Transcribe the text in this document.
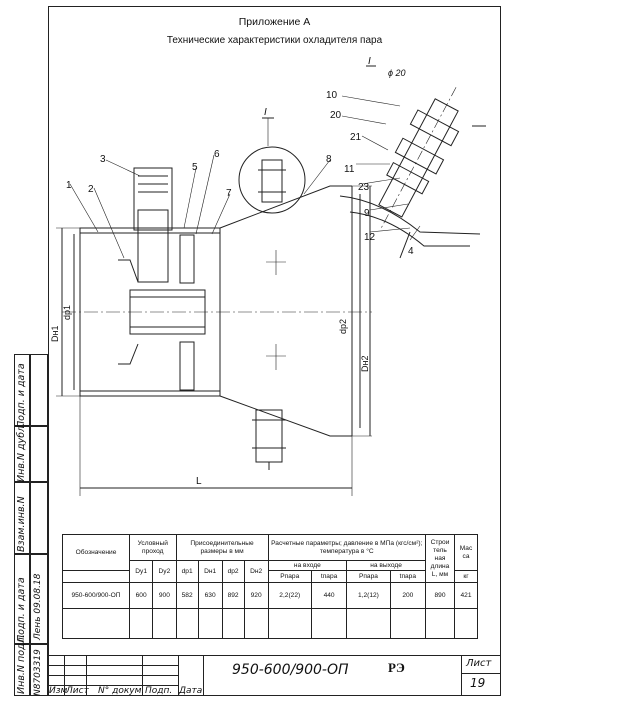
Приложение А
Технические характеристики охладителя пара
1 2
3
5
6
7
8
9
10
11
12
20
21
23
4
I
I
ϕ 20
L
Dн1
dр1
dр2
Dн2
Подп. и дата
Инв.N дубл.
Взам.инв.N
Подп. и дата
Инв.N подл.
Лень 09.08.18
N8703319
Обозначение	Условный проход		Присоединительные размеры в мм				Расчетные параметры; давление в МПа (кгс/см²); температура в °С				Строи тель ная длина L, мм	Мас са
	Dу1	Dу2	dр1	Dн1	dр2	Dн2	на входе		на выходе			
							Pпара	tпара	Pпара	tпара		кг
950-600/900-ОП	600	900	582	630	892	920	2,2(22)	440	1,2(12)	200	890	421

950-600/900-ОП	РЭ	Лист
19
Изм
Лист N° докум. Подп. Дата
